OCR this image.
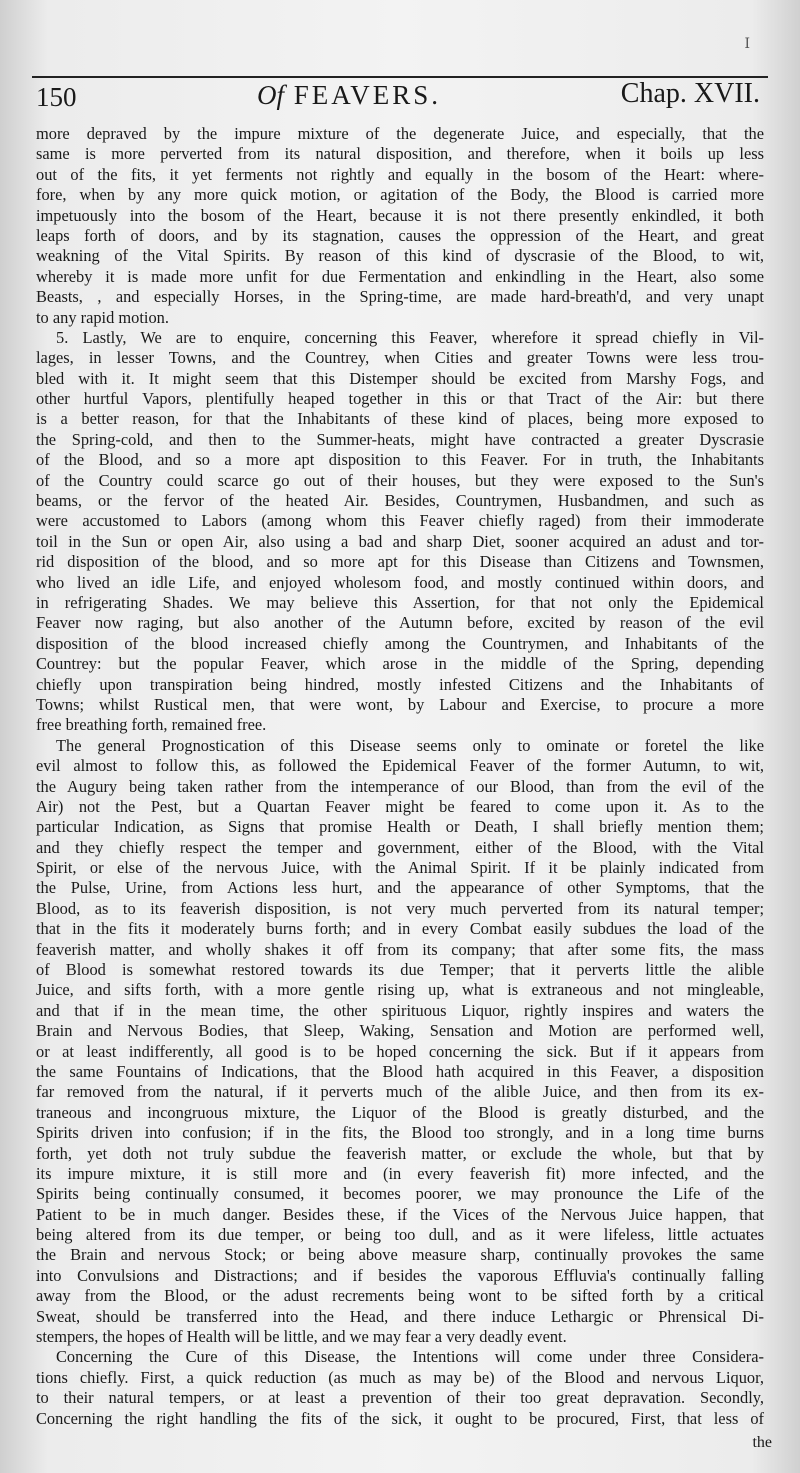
I
150	Of FEAVERS.	Chap. XVII.

more depraved by the impure mixture of the degenerate Juice, and especially, that the
same is more perverted from its natural disposition, and therefore, when it boils up less
out of the fits, it yet ferments not rightly and equally in the bosom of the Heart: where-
fore, when by any more quick motion, or agitation of the Body, the Blood is carried more
impetuously into the bosom of the Heart, because it is not there presently enkindled, it both
leaps forth of doors, and by its stagnation, causes the oppression of the Heart, and great
weakning of the Vital Spirits. By reason of this kind of dyscrasie of the Blood, to wit,
whereby it is made more unfit for due Fermentation and enkindling in the Heart, also some
Beasts, , and especially Horses, in the Spring-time, are made hard-breath'd, and very unapt
to any rapid motion.

5. Lastly, We are to enquire, concerning this Feaver, wherefore it spread chiefly in Vil-
lages, in lesser Towns, and the Countrey, when Cities and greater Towns were less trou-
bled with it. It might seem that this Distemper should be excited from Marshy Fogs, and
other hurtful Vapors, plentifully heaped together in this or that Tract of the Air: but there
is a better reason, for that the Inhabitants of these kind of places, being more exposed to
the Spring-cold, and then to the Summer-heats, might have contracted a greater Dyscrasie
of the Blood, and so a more apt disposition to this Feaver. For in truth, the Inhabitants
of the Country could scarce go out of their houses, but they were exposed to the Sun's
beams, or the fervor of the heated Air. Besides, Countrymen, Husbandmen, and such as
were accustomed to Labors (among whom this Feaver chiefly raged) from their immoderate
toil in the Sun or open Air, also using a bad and sharp Diet, sooner acquired an adust and tor-
rid disposition of the blood, and so more apt for this Disease than Citizens and Townsmen,
who lived an idle Life, and enjoyed wholesom food, and mostly continued within doors, and
in refrigerating Shades. We may believe this Assertion, for that not only the Epidemical
Feaver now raging, but also another of the Autumn before, excited by reason of the evil
disposition of the blood increased chiefly among the Countrymen, and Inhabitants of the
Countrey: but the popular Feaver, which arose in the middle of the Spring, depending
chiefly upon transpiration being hindred, mostly infested Citizens and the Inhabitants of
Towns; whilst Rustical men, that were wont, by Labour and Exercise, to procure a more
free breathing forth, remained free.

The general Prognostication of this Disease seems only to ominate or foretel the like
evil almost to follow this, as followed the Epidemical Feaver of the former Autumn, to wit,
the Augury being taken rather from the intemperance of our Blood, than from the evil of the
Air) not the Pest, but a Quartan Feaver might be feared to come upon it. As to the
particular Indication, as Signs that promise Health or Death, I shall briefly mention them;
and they chiefly respect the temper and government, either of the Blood, with the Vital
Spirit, or else of the nervous Juice, with the Animal Spirit. If it be plainly indicated from
the Pulse, Urine, from Actions less hurt, and the appearance of other Symptoms, that the
Blood, as to its feaverish disposition, is not very much perverted from its natural temper;
that in the fits it moderately burns forth; and in every Combat easily subdues the load of the
feaverish matter, and wholly shakes it off from its company; that after some fits, the mass
of Blood is somewhat restored towards its due Temper; that it perverts little the alible
Juice, and sifts forth, with a more gentle rising up, what is extraneous and not mingleable,
and that if in the mean time, the other spirituous Liquor, rightly inspires and waters the
Brain and Nervous Bodies, that Sleep, Waking, Sensation and Motion are performed well,
or at least indifferently, all good is to be hoped concerning the sick. But if it appears from
the same Fountains of Indications, that the Blood hath acquired in this Feaver, a disposition
far removed from the natural, if it perverts much of the alible Juice, and then from its ex-
traneous and incongruous mixture, the Liquor of the Blood is greatly disturbed, and the
Spirits driven into confusion; if in the fits, the Blood too strongly, and in a long time burns
forth, yet doth not truly subdue the feaverish matter, or exclude the whole, but that by
its impure mixture, it is still more and (in every feaverish fit) more infected, and the
Spirits being continually consumed, it becomes poorer, we may pronounce the Life of the
Patient to be in much danger. Besides these, if the Vices of the Nervous Juice happen, that
being altered from its due temper, or being too dull, and as it were lifeless, little actuates
the Brain and nervous Stock; or being above measure sharp, continually provokes the same
into Convulsions and Distractions; and if besides the vaporous Effluvia's continually falling
away from the Blood, or the adust recrements being wont to be sifted forth by a critical
Sweat, should be transferred into the Head, and there induce Lethargic or Phrensical Di-
stempers, the hopes of Health will be little, and we may fear a very deadly event.

Concerning the Cure of this Disease, the Intentions will come under three Considera-
tions chiefly. First, a quick reduction (as much as may be) of the Blood and nervous Liquor,
to their natural tempers, or at least a prevention of their too great depravation. Secondly,
Concerning the right handling the fits of the sick, it ought to be procured, First, that less of

the
